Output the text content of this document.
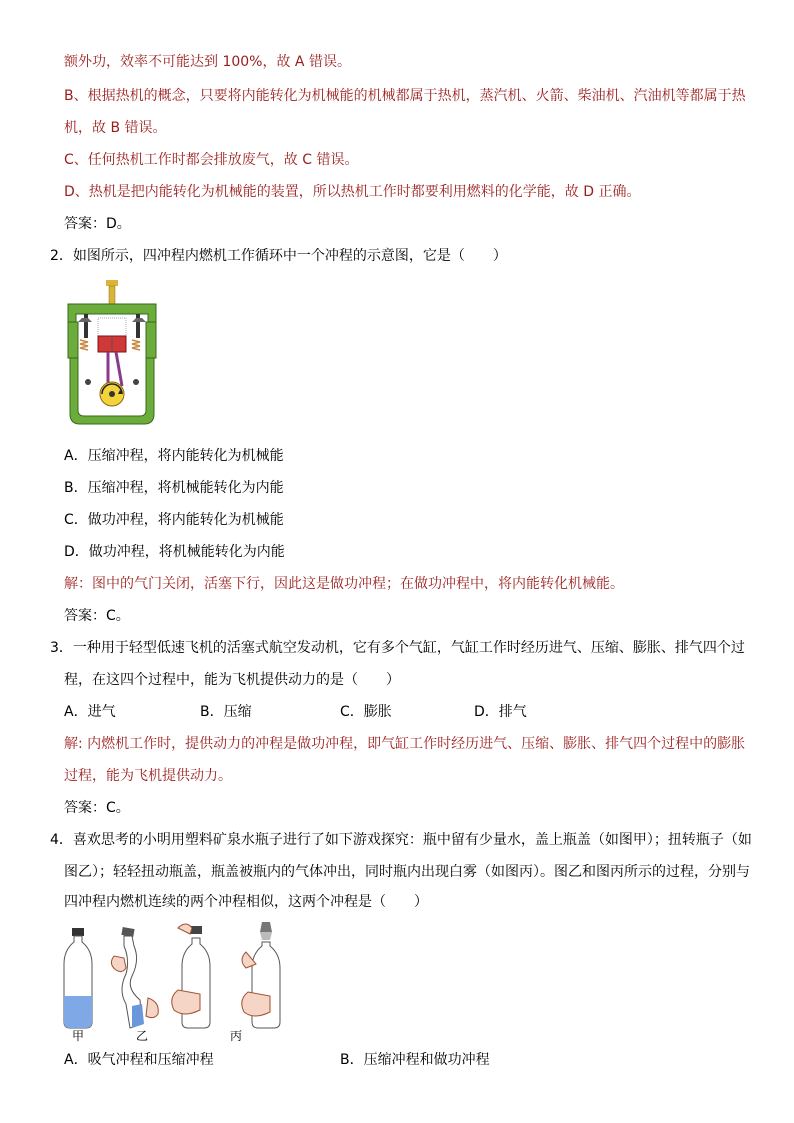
额外功，效率不可能达到 100%，故 A 错误。
B、根据热机的概念，只要将内能转化为机械能的机械都属于热机，蒸汽机、火箭、柴油机、汽油机等都属于热
机，故 B 错误。
C、任何热机工作时都会排放废气，故 C 错误。
D、热机是把内能转化为机械能的装置，所以热机工作时都要利用燃料的化学能，故 D 正确。
答案：D。
2．如图所示，四冲程内燃机工作循环中一个冲程的示意图，它是（　　）
A．压缩冲程，将内能转化为机械能
B．压缩冲程，将机械能转化为内能
C．做功冲程，将内能转化为机械能
D．做功冲程，将机械能转化为内能
解：图中的气门关闭，活塞下行，因此这是做功冲程；在做功冲程中，将内能转化机械能。
答案：C。
3．一种用于轻型低速飞机的活塞式航空发动机，它有多个气缸，气缸工作时经历进气、压缩、膨胀、排气四个过
程，在这四个过程中，能为飞机提供动力的是（　　）
A．进气	B．压缩	C．膨胀	D．排气
解: 内燃机工作时，提供动力的冲程是做功冲程，即气缸工作时经历进气、压缩、膨胀、排气四个过程中的膨胀
过程，能为飞机提供动力。
答案：C。
4．喜欢思考的小明用塑料矿泉水瓶子进行了如下游戏探究：瓶中留有少量水，盖上瓶盖（如图甲）；扭转瓶子（如
图乙）；轻轻扭动瓶盖，瓶盖被瓶内的气体冲出，同时瓶内出现白雾（如图丙）。图乙和图丙所示的过程，分别与
四冲程内燃机连续的两个冲程相似，这两个冲程是（　　）
甲	乙	丙
A．吸气冲程和压缩冲程	B．压缩冲程和做功冲程
